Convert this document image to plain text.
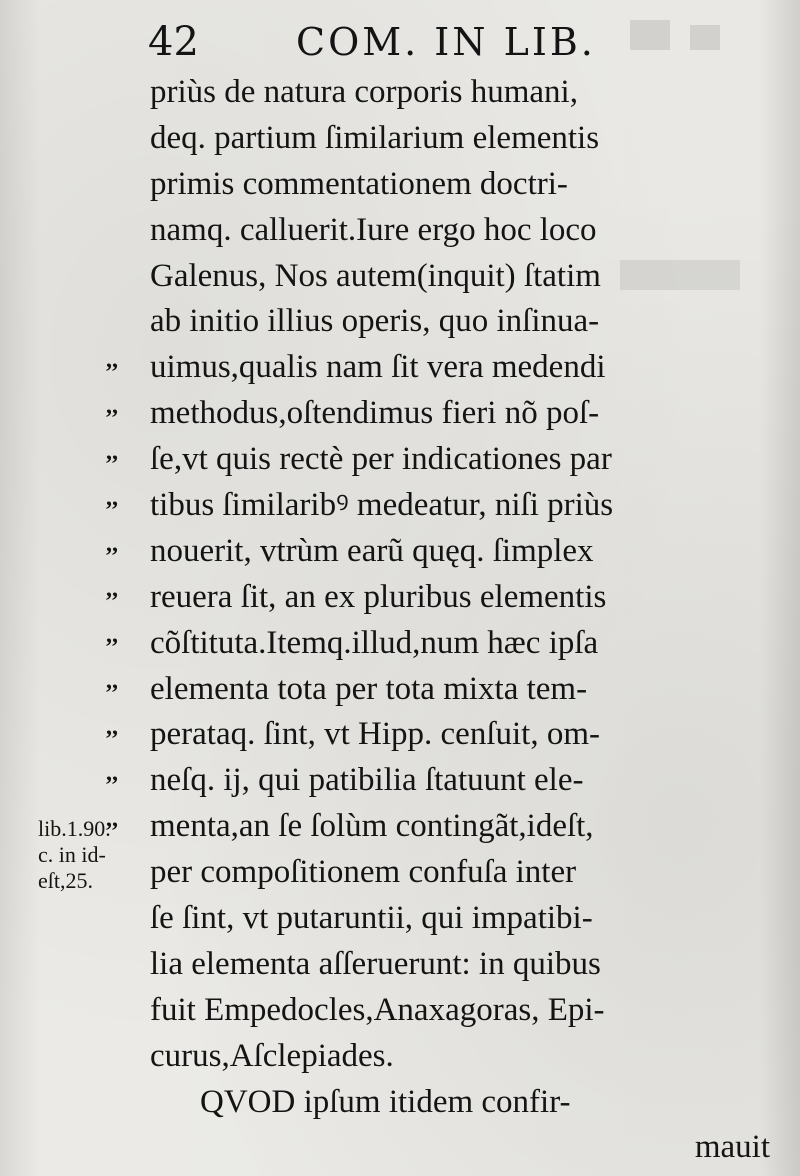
42	COM. IN LIB.
,,
,,
,,
,,
,,
,,
,,
,,
,,
,,
,,
lib.1.90.
c. in id-
eſt,25.
priùs de natura corporis humani,
deq. partium ſimilarium elementis
primis commentationem doctri-
namq. calluerit.Iure ergo hoc loco
Galenus, Nos autem(inquit) ſtatim
ab initio illius operis, quo inſinua-
uimus,qualis nam ſit vera medendi
methodus,oſtendimus fieri nõ poſ-
ſe,vt quis rectè per indicationes par
tibus ſimilaribꝰ medeatur, niſi priùs
nouerit, vtrùm earũ quęq. ſimplex
reuera ſit, an ex pluribus elementis
cõſtituta.Itemq.illud,num hæc ipſa
elementa tota per tota mixta tem-
perataq. ſint, vt Hipp. cenſuit, om-
neſq. ij, qui patibilia ſtatuunt ele-
menta,an ſe ſolùm contingãt,ideſt,
per compoſitionem confuſa inter
ſe ſint, vt putaruntii, qui impatibi-
lia elementa aſſeruerunt: in quibus
fuit Empedocles,Anaxagoras, Epi-
curus,Aſclepiades.
QVOD ipſum itidem confir-
mauit
